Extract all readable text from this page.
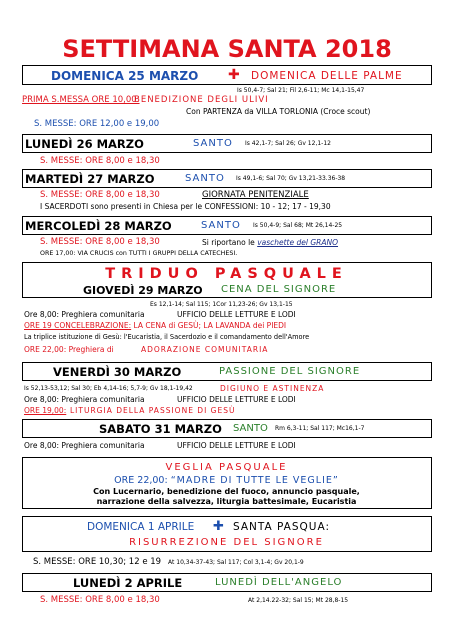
SETTIMANA SANTA 2018
DOMENICA 25 MARZO ✚ DOMENICA DELLE PALME
Is 50,4-7; Sal 21; Fil 2,6-11; Mc 14,1-15,47
PRIMA S.MESSA ORE 10,00:
BENEDIZIONE DEGLI ULIVI
Con PARTENZA da VILLA TORLONIA (Croce scout)
S. MESSE: ORE 12,00 e 19,00
LUNEDÌ 26 MARZO	SANTO Is 42,1-7; Sal 26; Gv 12,1-12
S. MESSE: ORE 8,00 e 18,30
MARTEDÌ 27 MARZO	SANTO Is 49,1-6; Sal 70; Gv 13,21-33.36-38
S. MESSE: ORE 8,00 e 18,30	GIORNATA PENITENZIALE
I SACERDOTI sono presenti in Chiesa per le CONFESSIONI: 10 - 12; 17 - 19,30
MERCOLEDÌ 28 MARZO	SANTO Is 50,4-9; Sal 68; Mt 26,14-25
S. MESSE: ORE 8,00 e 18,30	Si riportano le vaschette del GRANO
ORE 17,00: VIA CRUCIS con TUTTI I GRUPPI DELLA CATECHESI.
TRIDUO PASQUALE
GIOVEDÌ 29 MARZO CENA DEL SIGNORE
Es 12,1-14; Sal 115; 1Cor 11,23-26; Gv 13,1-15
Ore 8,00: Preghiera comunitaria	UFFICIO DELLE LETTURE E LODI
ORE 19 CONCELEBRAZIONE: LA CENA di GESÙ; LA LAVANDA dei PIEDI
La triplice istituzione di Gesù: l'Eucaristia, il Sacerdozio e il comandamento dell'Amore
ORE 22,00: Preghiera di	ADORAZIONE COMUNITARIA
VENERDÌ 30 MARZO	PASSIONE DEL SIGNORE
Is 52,13-53,12; Sal 30; Eb 4,14-16; 5,7-9; Gv 18,1-19,42	DIGIUNO E ASTINENZA
Ore 8,00: Preghiera comunitaria	UFFICIO DELLE LETTURE E LODI
ORE 19,00: LITURGIA DELLA PASSIONE DI GESÙ
SABATO 31 MARZO SANTO Rm 6,3-11; Sal 117; Mc16,1-7
Ore 8,00: Preghiera comunitaria	UFFICIO DELLE LETTURE E LODI
VEGLIA PASQUALE
ORE 22,00: “MADRE DI TUTTE LE VEGLIE”
Con Lucernario, benedizione del fuoco, annuncio pasquale,
narrazione della salvezza, liturgia battesimale, Eucaristia
DOMENICA 1 APRILE ✚ SANTA PASQUA:
RISURREZIONE DEL SIGNORE
S. MESSE: ORE 10,30; 12 e 19 At 10,34-37-43; Sal 117; Col 3,1-4; Gv 20,1-9
LUNEDÌ 2 APRILE	LUNEDÌ DELL'ANGELO
S. MESSE: ORE 8,00 e 18,30	At 2,14.22-32; Sal 15; Mt 28,8-15
